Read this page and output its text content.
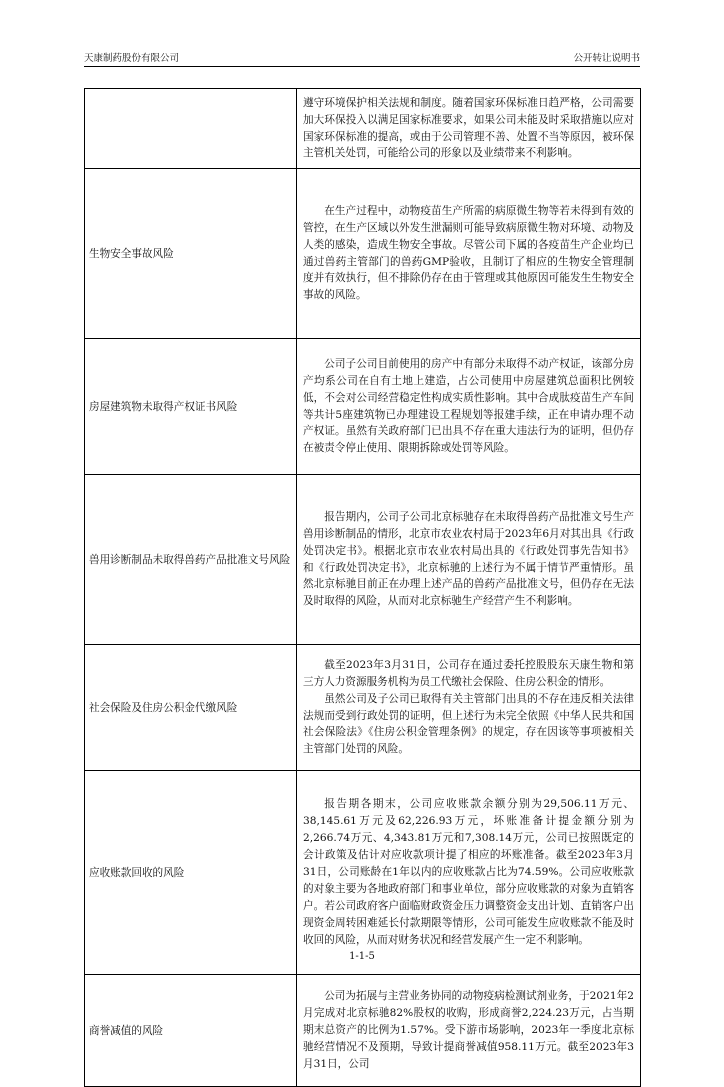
天康制药股份有限公司	公开转让说明书

	遵守环境保护相关法规和制度。随着国家环保标准日趋严格，公司需要加大环保投入以满足国家标准要求，如果公司未能及时采取措施以应对国家环保标准的提高，或由于公司管理不善、处置不当等原因，被环保主管机关处罚，可能给公司的形象以及业绩带来不利影响。

生物安全事故风险	在生产过程中，动物疫苗生产所需的病原微生物等若未得到有效的管控，在生产区域以外发生泄漏则可能导致病原微生物对环境、动物及人类的感染，造成生物安全事故。尽管公司下属的各疫苗生产企业均已通过兽药主管部门的兽药GMP验收，且制订了相应的生物安全管理制度并有效执行，但不排除仍存在由于管理或其他原因可能发生生物安全事故的风险。

房屋建筑物未取得产权证书风险	公司子公司目前使用的房产中有部分未取得不动产权证，该部分房产均系公司在自有土地上建造，占公司使用中房屋建筑总面积比例较低，不会对公司经营稳定性构成实质性影响。其中合成肽疫苗生产车间等共计5座建筑物已办理建设工程规划等报建手续，正在申请办理不动产权证。虽然有关政府部门已出具不存在重大违法行为的证明，但仍存在被责令停止使用、限期拆除或处罚等风险。

兽用诊断制品未取得兽药产品批准文号风险	报告期内，公司子公司北京标驰存在未取得兽药产品批准文号生产兽用诊断制品的情形，北京市农业农村局于2023年6月对其出具《行政处罚决定书》。根据北京市农业农村局出具的《行政处罚事先告知书》和《行政处罚决定书》，北京标驰的上述行为不属于情节严重情形。虽然北京标驰目前正在办理上述产品的兽药产品批准文号，但仍存在无法及时取得的风险，从而对北京标驰生产经营产生不利影响。

社会保险及住房公积金代缴风险	截至2023年3月31日，公司存在通过委托控股股东天康生物和第三方人力资源服务机构为员工代缴社会保险、住房公积金的情形。

虽然公司及子公司已取得有关主管部门出具的不存在违反相关法律法规而受到行政处罚的证明，但上述行为未完全依照《中华人民共和国社会保险法》《住房公积金管理条例》的规定，存在因该等事项被相关主管部门处罚的风险。

应收账款回收的风险	报告期各期末，公司应收账款余额分别为29,506.11万元、38,145.61万元及62,226.93万元，坏账准备计提金额分别为2,266.74万元、4,343.81万元和7,308.14万元，公司已按照既定的会计政策及估计对应收款项计提了相应的坏账准备。截至2023年3月31日，公司账龄在1年以内的应收账款占比为74.59%。公司应收账款的对象主要为各地政府部门和事业单位，部分应收账款的对象为直销客户。若公司政府客户面临财政资金压力调整资金支出计划、直销客户出现资金周转困难延长付款期限等情形，公司可能发生应收账款不能及时收回的风险，从而对财务状况和经营发展产生一定不利影响。

商誉减值的风险	公司为拓展与主营业务协同的动物疫病检测试剂业务，于2021年2月完成对北京标驰82%股权的收购，形成商誉2,224.23万元，占当期期末总资产的比例为1.57%。受下游市场影响，2023年一季度北京标驰经营情况不及预期，导致计提商誉减值958.11万元。截至2023年3月31日，公司

1-1-5
